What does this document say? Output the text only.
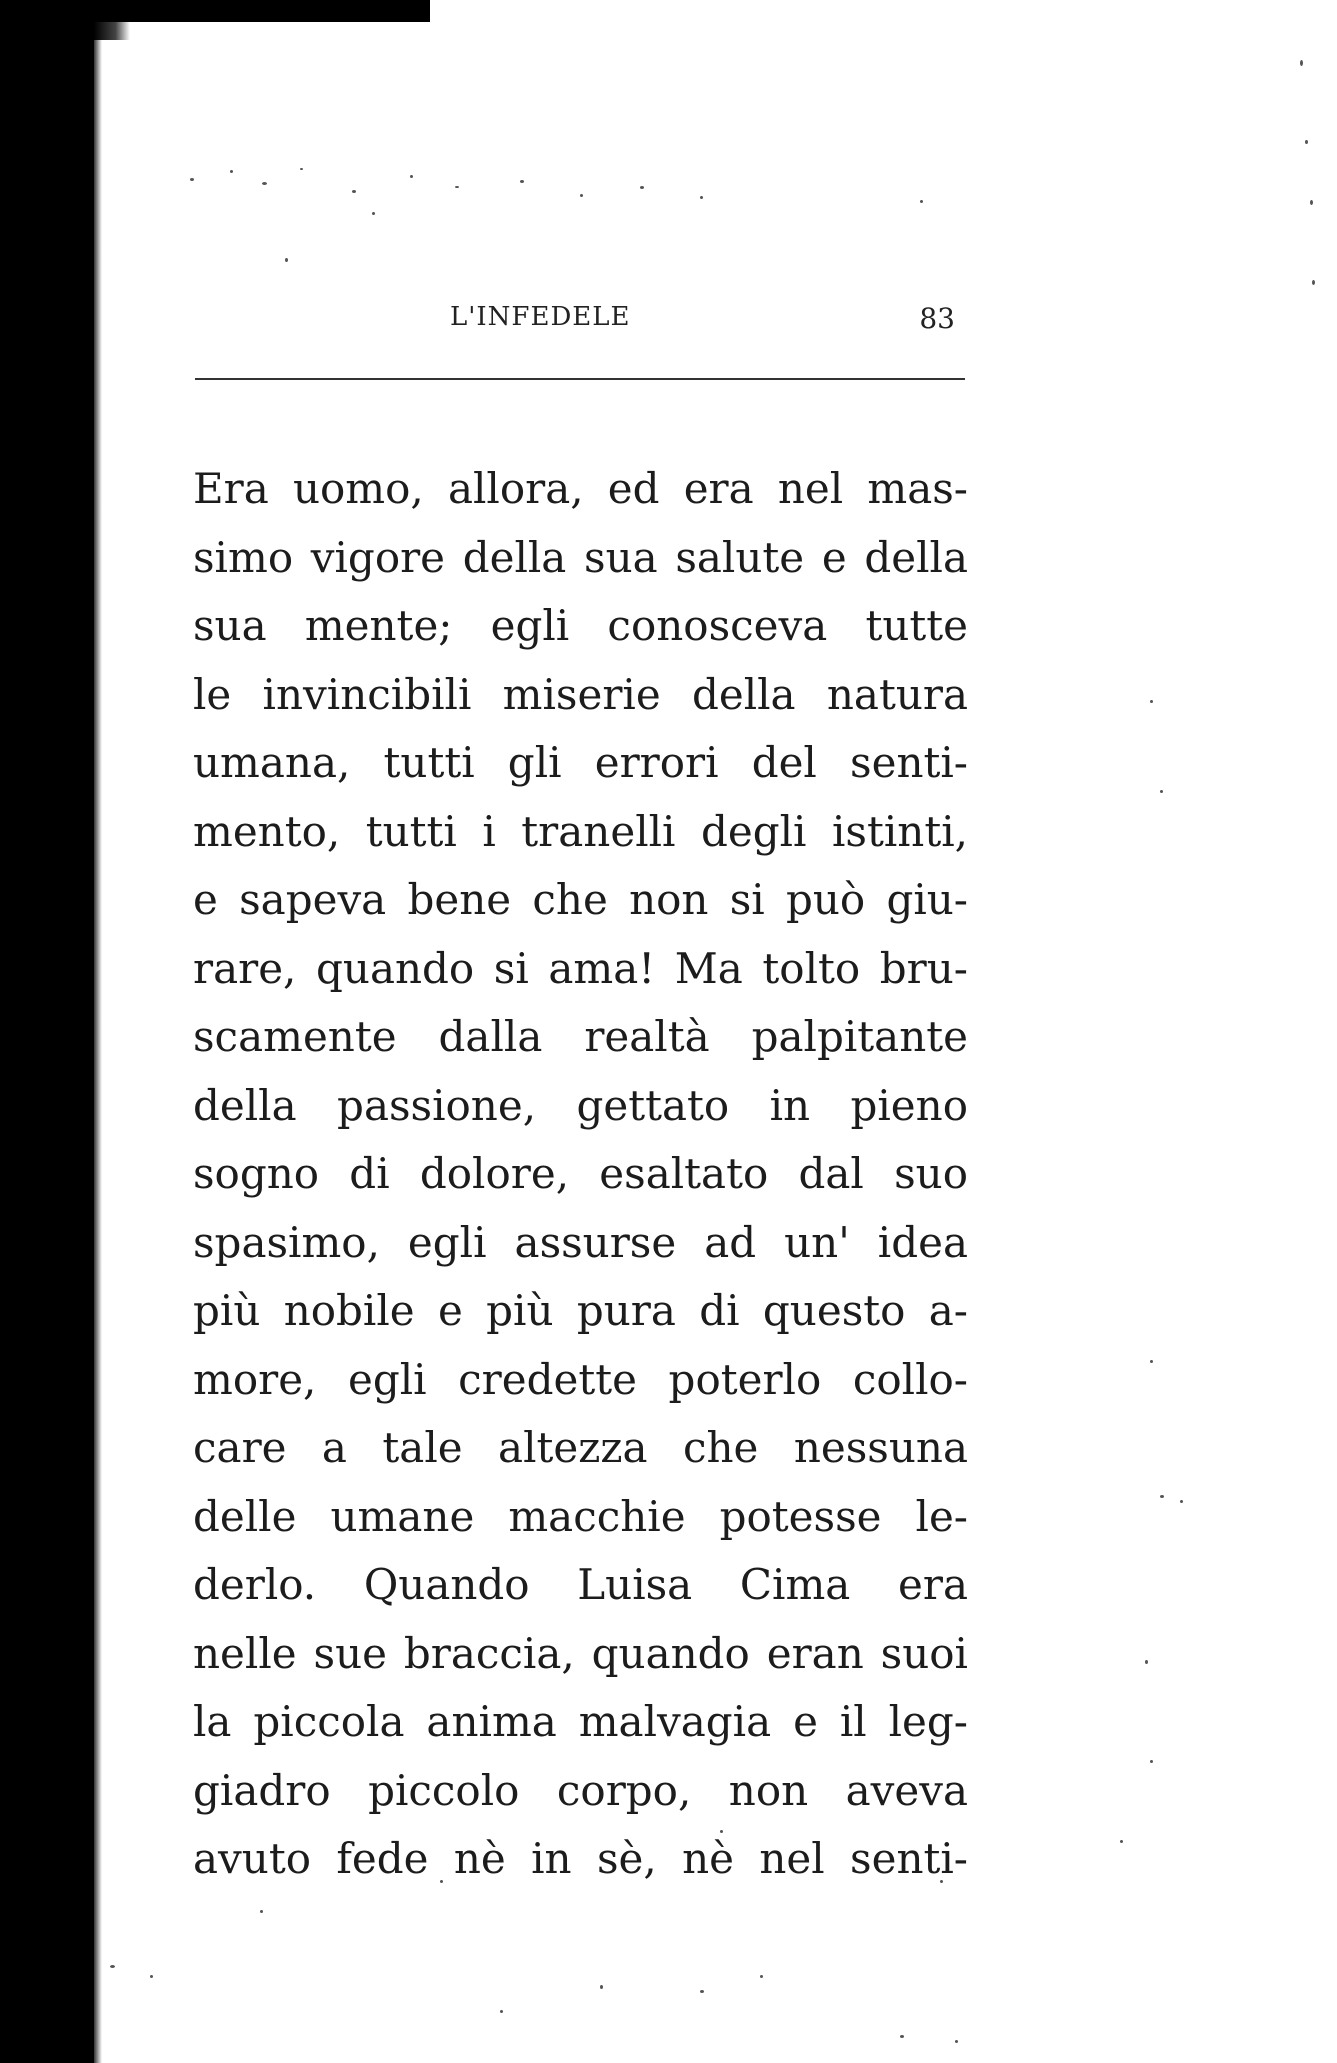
L'INFEDELE	83
Era uomo, allora, ed era nel mas-
simo vigore della sua salute e della
sua mente; egli conosceva tutte
le invincibili miserie della natura
umana, tutti gli errori del senti-
mento, tutti i tranelli degli istinti,
e sapeva bene che non si può giu-
rare, quando si ama! Ma tolto bru-
scamente dalla realtà palpitante
della passione, gettato in pieno
sogno di dolore, esaltato dal suo
spasimo, egli assurse ad un' idea
più nobile e più pura di questo a-
more, egli credette poterlo collo-
care a tale altezza che nessuna
delle umane macchie potesse le-
derlo. Quando Luisa Cima era
nelle sue braccia, quando eran suoi
la piccola anima malvagia e il leg-
giadro piccolo corpo, non aveva
avuto fede nè in sè, nè nel senti-
